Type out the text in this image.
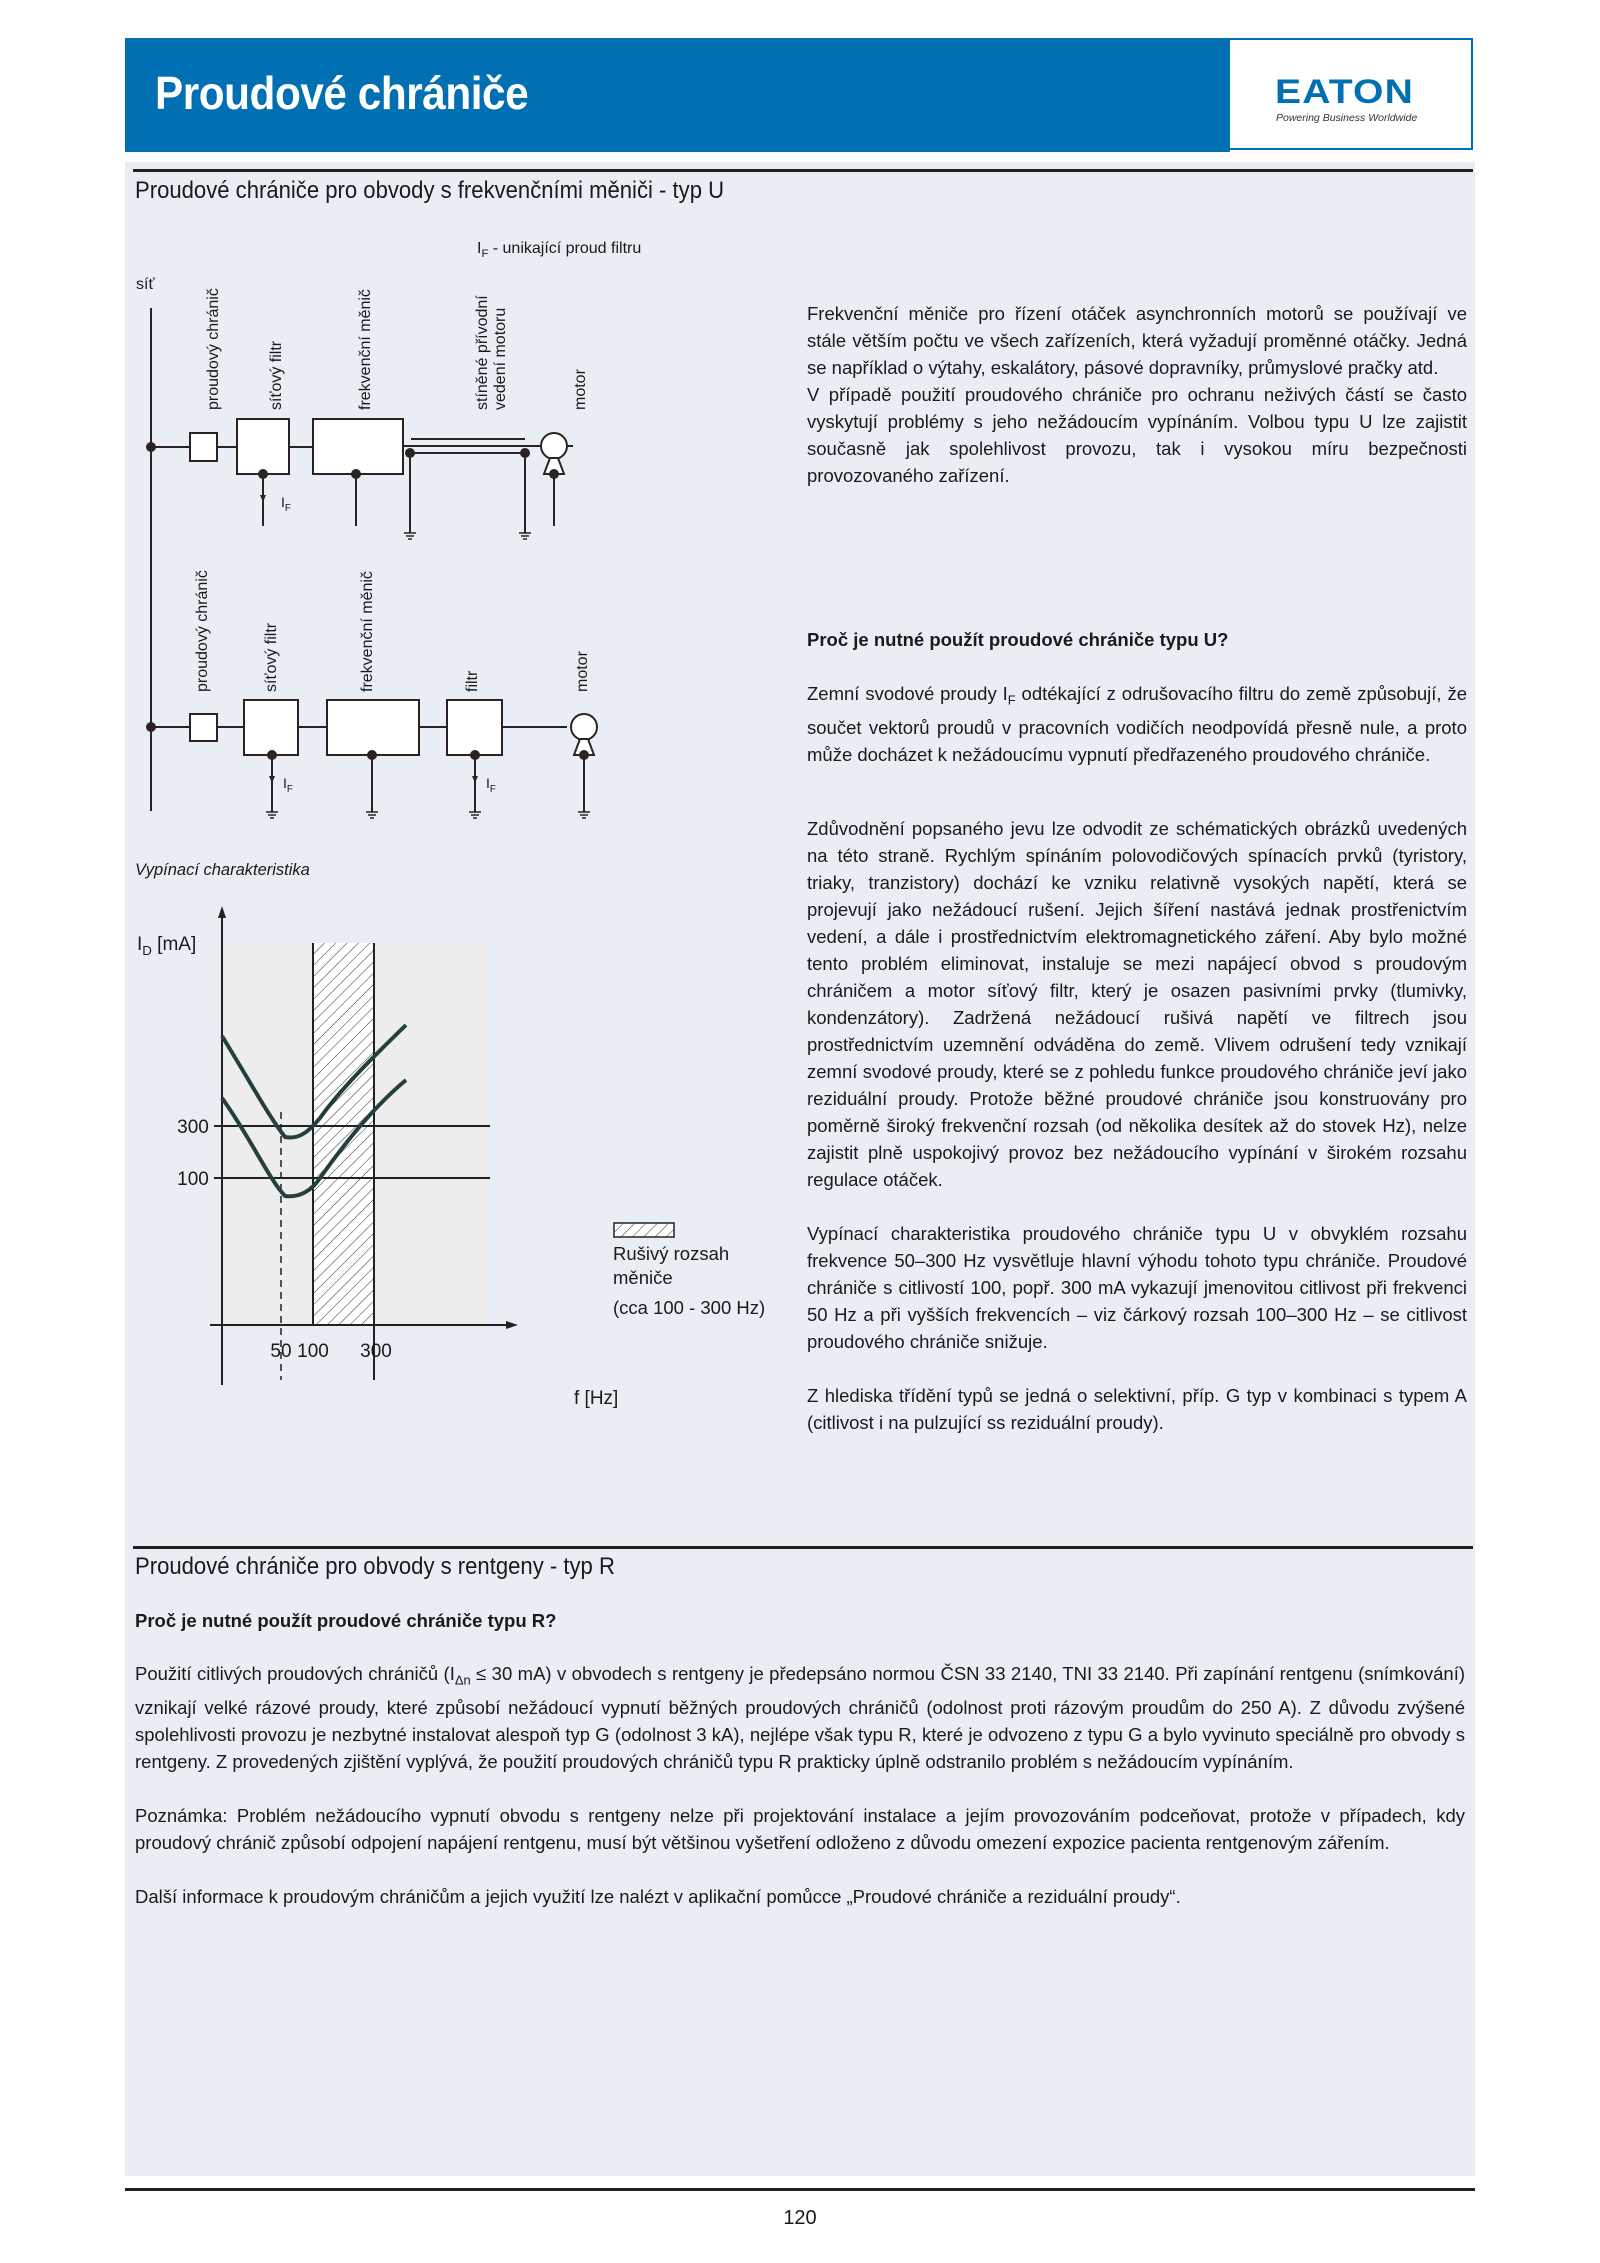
Proudové chrániče	EATON
Powering Business Worldwide
Proudové chrániče pro obvody s frekvenčními měniči - typ U
$I_F$ - unikající proud filtru
síť
proudový chránič	síťový filtr	frekvenční měnič	stíněné přívodní vedení motoru	motor
$I_F$
proudový chránič	síťový filtr	frekvenční měnič	filtr	motor
$I_F$	$I_F$
Vypínací charakteristika
300
100
50 100 300
$I_D$ [mA]
f [Hz]
Rušivý rozsah
měniče
(cca 100 - 300 Hz)
Frekvenční měniče pro řízení otáček asynchronních motorů se používají ve stále větším počtu ve všech zařízeních, která vyžadují proměnné otáčky. Jedná se například o výtahy, eskalátory, pásové dopravníky, průmyslové pračky atd.
V případě použití proudového chrániče pro ochranu neživých částí se často vyskytují problémy s jeho nežádoucím vypínáním. Volbou typu U lze zajistit současně jak spolehlivost provozu, tak i vysokou míru bezpečnosti provozovaného zařízení.
Proč je nutné použít proudové chrániče typu U?
Zemní svodové proudy $I_F$ odtékající z odrušovacího filtru do země způsobují, že součet vektorů proudů v pracovních vodičích neodpovídá přesně nule, a proto může docházet k nežádoucímu vypnutí předřazeného proudového chrániče.

Zdůvodnění popsaného jevu lze odvodit ze schématických obrázků uvedených na této straně. Rychlým spínáním polovodičových spínacích prvků (tyristory, triaky, tranzistory) dochází ke vzniku relativně vysokých napětí, která se projevují jako nežádoucí rušení. Jejich šíření nastává jednak prostřenictvím vedení, a dále i prostřednictvím elektromagnetického záření. Aby bylo možné tento problém eliminovat, instaluje se mezi napájecí obvod s proudovým chráničem a motor síťový filtr, který je osazen pasivními prvky (tlumivky, kondenzátory). Zadržená nežádoucí rušivá napětí ve filtrech jsou prostřednictvím uzemnění odváděna do země. Vlivem odrušení tedy vznikají zemní svodové proudy, které se z pohledu funkce proudového chrániče jeví jako reziduální proudy. Protože běžné proudové chrániče jsou konstruovány pro poměrně široký frekvenční rozsah (od několika desítek až do stovek Hz), nelze zajistit plně uspokojivý provoz bez nežádoucího vypínání v širokém rozsahu regulace otáček.

Vypínací charakteristika proudového chrániče typu U v obvyklém rozsahu frekvence 50–300 Hz vysvětluje hlavní výhodu tohoto typu chrániče. Proudové chrániče s citlivostí 100, popř. 300 mA vykazují jmenovitou citlivost při frekvenci 50 Hz a při vyšších frekvencích – viz čárkový rozsah 100–300 Hz – se citlivost proudového chrániče snižuje.

Z hlediska třídění typů se jedná o selektivní, příp. G typ v kombinaci s typem A (citlivost i na pulzující ss reziduální proudy).

Proudové chrániče pro obvody s rentgeny - typ R
Proč je nutné použít proudové chrániče typu R?

Použití citlivých proudových chráničů ($I_{\Delta n} \le 30$ mA) v obvodech s rentgeny je předepsáno normou ČSN 33 2140, TNI 33 2140. Při zapínání rentgenu (snímkování) vznikají velké rázové proudy, které způsobí nežádoucí vypnutí běžných proudových chráničů (odolnost proti rázovým proudům do 250 A). Z důvodu zvýšené spolehlivosti provozu je nezbytné instalovat alespoň typ G (odolnost 3 kA), nejlépe však typu R, které je odvozeno z typu G a bylo vyvinuto speciálně pro obvody s rentgeny. Z provedených zjištění vyplývá, že použití proudových chráničů typu R prakticky úplně odstranilo problém s nežádoucím vypínáním.

Poznámka: Problém nežádoucího vypnutí obvodu s rentgeny nelze při projektování instalace a jejím provozováním podceňovat, protože v případech, kdy proudový chránič způsobí odpojení napájení rentgenu, musí být většinou vyšetření odloženo z důvodu omezení expozice pacienta rentgenovým zářením.

Další informace k proudovým chráničům a jejich využití lze nalézt v aplikační pomůcce „Proudové chrániče a reziduální proudy“.

120
